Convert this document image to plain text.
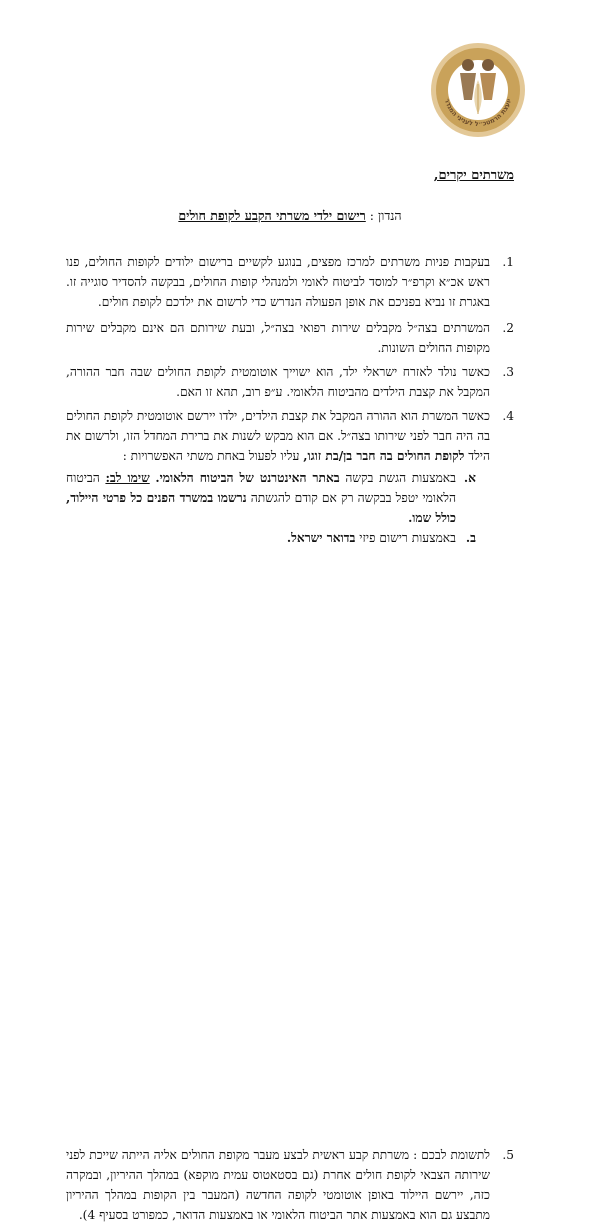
יועצת הרמטכ״ל לעניני המגדר
משרתים יקרים,
הנדון : רישום ילדי משרתי הקבע לקופת חולים
1.
בעקבות פניות משרתים למרכז מפצים, בנוגע לקשיים ברישום ילודים לקופות החולים, פנו ראש אכ״א וקרפ״ר למוסד לביטוח לאומי ולמנהלי קופות החולים, בבקשה להסדיר סוגייה זו. באגרת זו נביא בפניכם את אופן הפעולה הנדרש כדי לרשום את ילדכם לקופת חולים.
2.
המשרתים בצה״ל מקבלים שירות רפואי בצה״ל, ובעת שירותם הם אינם מקבלים שירות מקופות החולים השונות.
3.
כאשר נולד לאזרח ישראלי ילד, הוא ישוייך אוטומטית לקופת החולים שבה חבר ההורה, המקבל את קצבת הילדים מהביטוח הלאומי. ע״פ רוב, תהא זו האם.
4.
כאשר המשרת הוא ההורה המקבל את קצבת הילדים, ילדו יירשם אוטומטית לקופת החולים בה היה חבר לפני שירותו בצה״ל. אם הוא מבקש לשנות את ברירת המחדל הזו, ולרשום את הילד לקופת החולים בה חבר בן/בת זוגו, עליו לפעול באחת משתי האפשרויות :
א.
באמצעות הגשת בקשה באתר האינטרנט של הביטוח הלאומי. שימו לב: הביטוח הלאומי יטפל בבקשה רק אם קודם להגשתה נרשמו במשרד הפנים כל פרטי היילוד, כולל שמו.
ב.
באמצעות רישום פיזי בדואר ישראל.
5.
לתשומת לבכם : משרתת קבע ראשית לבצע מעבר מקופת החולים אליה הייתה שייכת לפני שירותה הצבאי לקופת חולים אחרת (גם בסטאטוס עמית מוקפא) במהלך ההיריון, ובמקרה כזה, יירשם היילוד באופן אוטומטי לקופה החדשה (המעבר בין הקופות במהלך ההיריון מתבצע גם הוא באמצעות אתר הביטוח הלאומי או באמצעות הדואר, כמפורט בסעיף 4).
